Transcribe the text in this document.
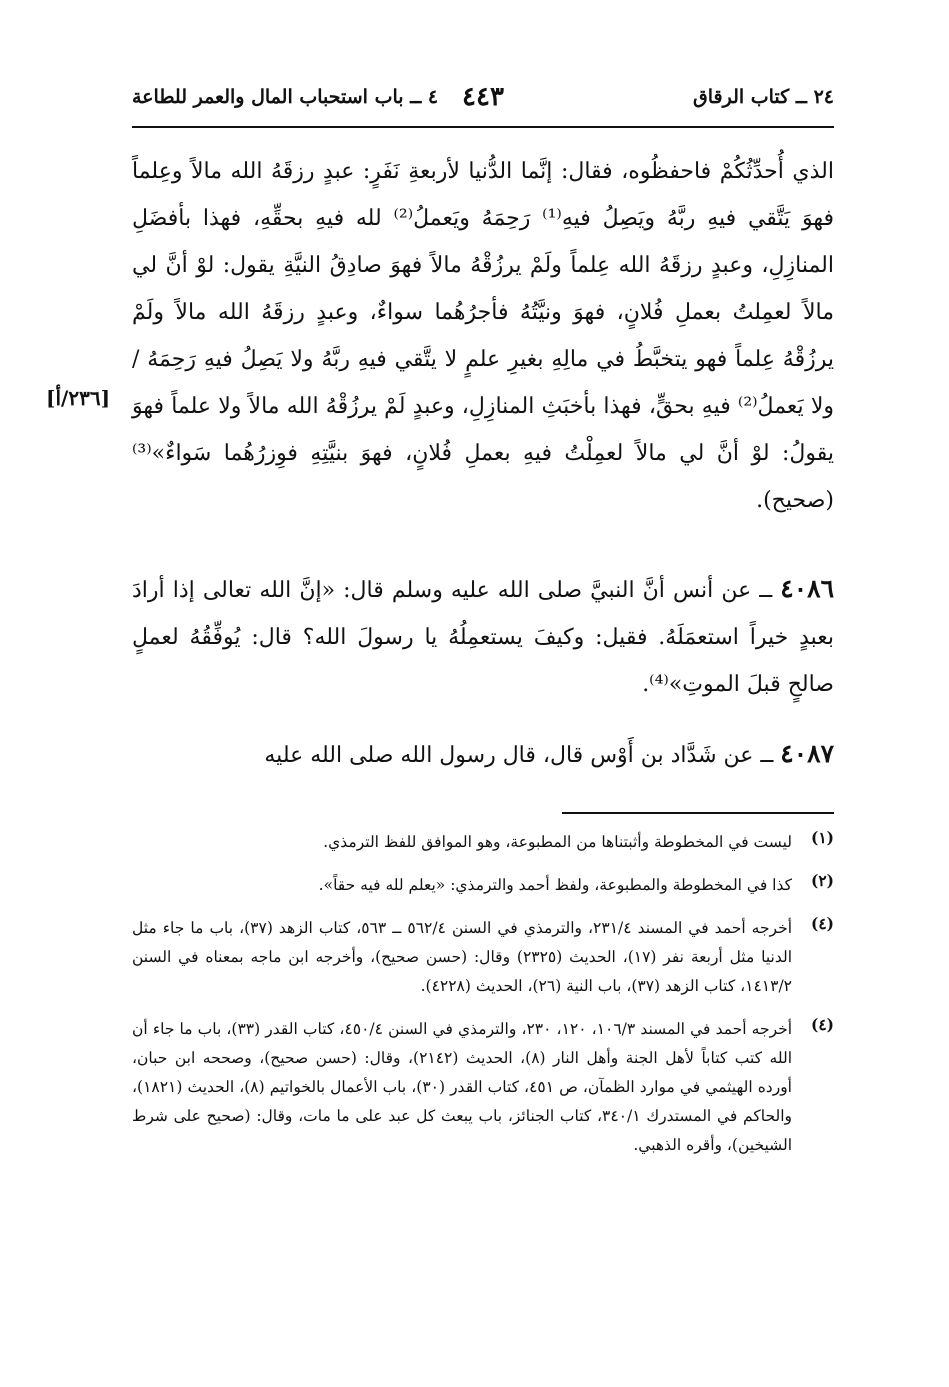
٢٤ ــ كتاب الرقاق
٤٤٣
٤ ــ باب استحباب المال والعمر للطاعة
الذي أُحدِّثُكُمْ فاحفظُوه، فقال: إنَّما الدُّنيا لأربعةِ نَفَرٍ: عبدٍ رزقَهُ الله مالاً وعِلماً فهوَ يَتَّقي فيهِ ربَّهُ ويَصِلُ فيهِ⁽¹⁾ رَحِمَهُ ويَعملُ⁽²⁾ لله فيهِ بحقِّهِ، فهذا بأفضَلِ المنازِلِ، وعبدٍ رزقَهُ الله عِلماً ولَمْ يرزُقْهُ مالاً فهوَ صادِقُ النيَّةِ يقول: لوْ أنَّ لي مالاً لعمِلتُ بعملِ فُلانٍ، فهوَ ونيَّتُهُ فأجرُهُما سواءٌ، وعبدٍ رزقَهُ الله مالاً ولَمْ يرزُقْهُ عِلماً فهو يتخبَّطُ في مالِهِ بغيرِ علمٍ لا يتَّقي فيهِ ربَّهُ ولا يَصِلُ فيهِ رَحِمَهُ / ولا يَعملُ⁽²⁾ فيهِ بحقٍّ، فهذا بأخبَثِ المنازِلِ، وعبدٍ لَمْ يرزُقْهُ الله مالاً ولا علماً فهوَ يقولُ: لوْ أنَّ لي مالاً لعمِلْتُ فيهِ بعملِ فُلانٍ، فهوَ بنيَّتِهِ فوِزرُهُما سَواءٌ»⁽³⁾ (صحيح).
[٢٣٦/أ]
٤٠٨٦ ــ عن أنس أنَّ النبيَّ صلى الله عليه وسلم قال: «إنَّ الله تعالى إذا أرادَ بعبدٍ خيراً استعمَلَهُ. فقيل: وكيفَ يستعمِلُهُ يا رسولَ الله؟ قال: يُوفِّقُهُ لعملٍ صالحٍ قبلَ الموتِ»⁽⁴⁾.
٤٠٨٧ ــ عن شَدَّاد بن أَوْس قال، قال رسول الله صلى الله عليه
(١)
ليست في المخطوطة وأثبتناها من المطبوعة، وهو الموافق للفظ الترمذي.
(٢)
كذا في المخطوطة والمطبوعة، ولفظ أحمد والترمذي: «يعلم لله فيه حقاً».
(٤)
أخرجه أحمد في المسند ٢٣١/٤، والترمذي في السنن ٥٦٢/٤ ــ ٥٦٣، كتاب الزهد (٣٧)، باب ما جاء مثل الدنيا مثل أربعة نفر (١٧)، الحديث (٢٣٢٥) وقال: (حسن صحيح)، وأخرجه ابن ماجه بمعناه في السنن ١٤١٣/٢، كتاب الزهد (٣٧)، باب النية (٢٦)، الحديث (٤٢٢٨).
(٤)
أخرجه أحمد في المسند ١٠٦/٣، ١٢٠، ٢٣٠، والترمذي في السنن ٤٥٠/٤، كتاب القدر (٣٣)، باب ما جاء أن الله كتب كتاباً لأهل الجنة وأهل النار (٨)، الحديث (٢١٤٢)، وقال: (حسن صحيح)، وصححه ابن حبان، أورده الهيثمي في موارد الظمآن، ص ٤٥١، كتاب القدر (٣٠)، باب الأعمال بالخواتيم (٨)، الحديث (١٨٢١)، والحاكم في المستدرك ٣٤٠/١، كتاب الجنائز، باب يبعث كل عبد على ما مات، وقال: (صحيح على شرط الشيخين)، وأقره الذهبي.
